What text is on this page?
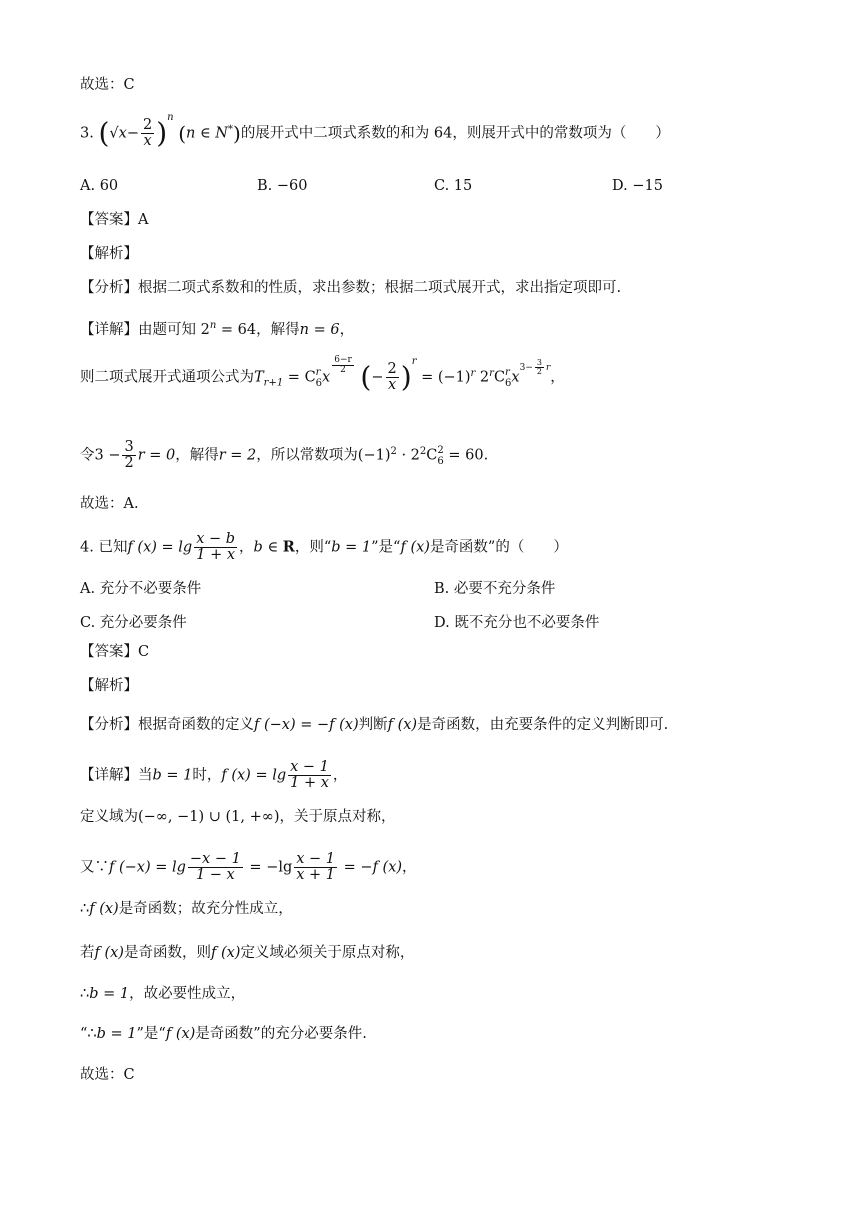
故选：C
3. $(√x- \frac{2}{x} )^n$ (n ∈ N*)的展开式中二项式系数的和为 64，则展开式中的常数项为（　　）
A. 60	B. −60	C. 15	D. −15
【答案】A
【解析】
【分析】根据二项式系数和的性质，求出参数；根据二项式展开式，求出指定项即可.
【详解】由题可知 $2^n = 64$，解得n = 6，
则二项式展开式通项公式为$T_{r+1} = C$ r
6 x
$\frac{6-r}{2}$ (− $\frac{2}{x} )^r = (-1)^r$ 2$^r$C r
6 $x^{3- \frac{3}{2} r}$，
令$3 - \frac{3}{2}$ r = 0，解得r = 2，所以常数项为$(-1)^2 \cdot 2^2C$ 2
6 = 60.
故选：A.
4. 已知f $(x) = \lg \frac{x - b}{1 + x}$ ，b ∈ R，则“b = 1”是“f (x)是奇函数”的（　　）
A. 充分不必要条件	B. 必要不充分条件
C. 充分必要条件	D. 既不充分也不必要条件
【答案】C
【解析】
【分析】根据奇函数的定义f (−x) = −f (x)判断f (x)是奇函数，由充要条件的定义判断即可.
【详解】当b = 1时，f $(x) = \lg \frac{x - 1}{1 + x}$ ，
定义域为(−∞, −1) ∪ (1, +∞)，关于原点对称，
又∵f $(-x) = \lg \frac{-x - 1}{1 - x} = -\lg \frac{x - 1}{x + 1} = -f$ (x)，
∴f (x)是奇函数；故充分性成立，
若f (x)是奇函数，则f (x)定义域必须关于原点对称，
∴b = 1，故必要性成立，
“∴b = 1”是“f (x)是奇函数”的充分必要条件.
故选：C
